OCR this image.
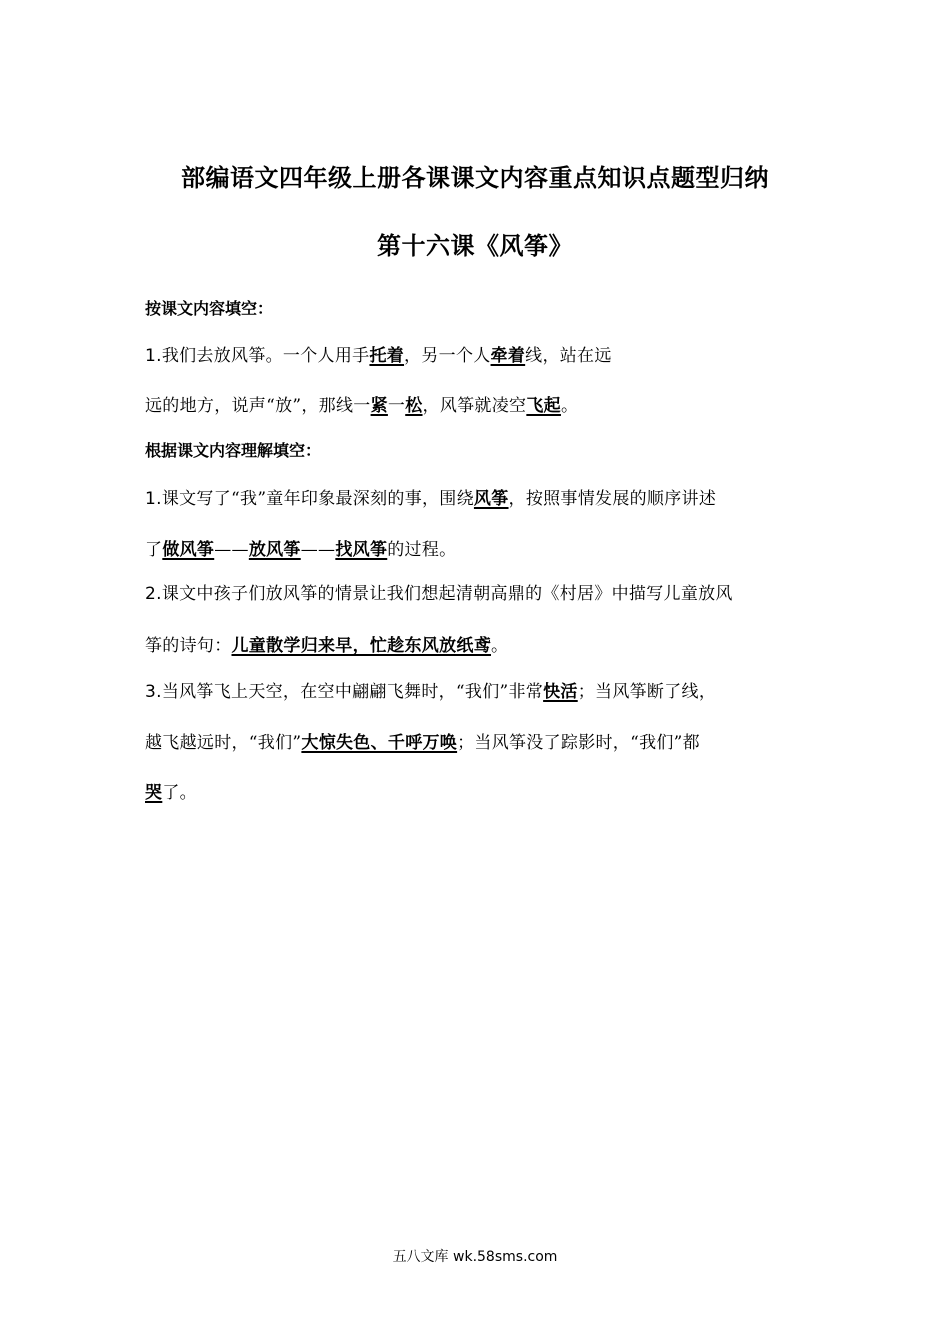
部编语文四年级上册各课课文内容重点知识点题型归纳
第十六课《风筝》
按课文内容填空：
1.我们去放风筝。一个人用手托着，另一个人牵着线，站在远
远的地方，说声“放”，那线一紧一松，风筝就凌空飞起。
根据课文内容理解填空：
1.课文写了“我”童年印象最深刻的事，围绕风筝，按照事情发展的顺序讲述
了做风筝——放风筝——找风筝的过程。
2.课文中孩子们放风筝的情景让我们想起清朝高鼎的《村居》中描写儿童放风
筝的诗句：儿童散学归来早，忙趁东风放纸鸢。
3.当风筝飞上天空，在空中翩翩飞舞时，“我们”非常快活；当风筝断了线，
越飞越远时，“我们”大惊失色、千呼万唤；当风筝没了踪影时，“我们”都
哭了。
五八文库 wk.58sms.com
